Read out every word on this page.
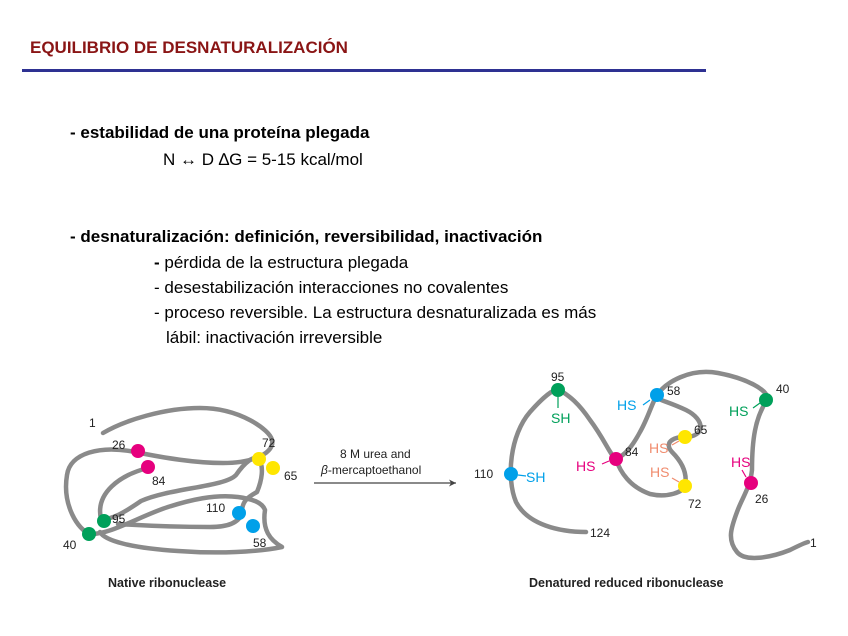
EQUILIBRIO DE DESNATURALIZACIÓN
- estabilidad de una proteína plegada
N ↔ D ∆G = 5-15 kcal/mol
- desnaturalización: definición, reversibilidad, inactivación
- pérdida de la estructura plegada
- desestabilización interacciones no covalentes
- proceso reversible. La estructura desnaturalizada es más
lábil: inactivación irreversible
1
26
84
72
65
110
95
40	58
Native ribonuclease
8 M urea and
β-mercaptoethanol
SH
HS	HS
HS
HS
SH	HS
HS
95
58	40
65
84
110
72	26
124
1
Denatured reduced ribonuclease
